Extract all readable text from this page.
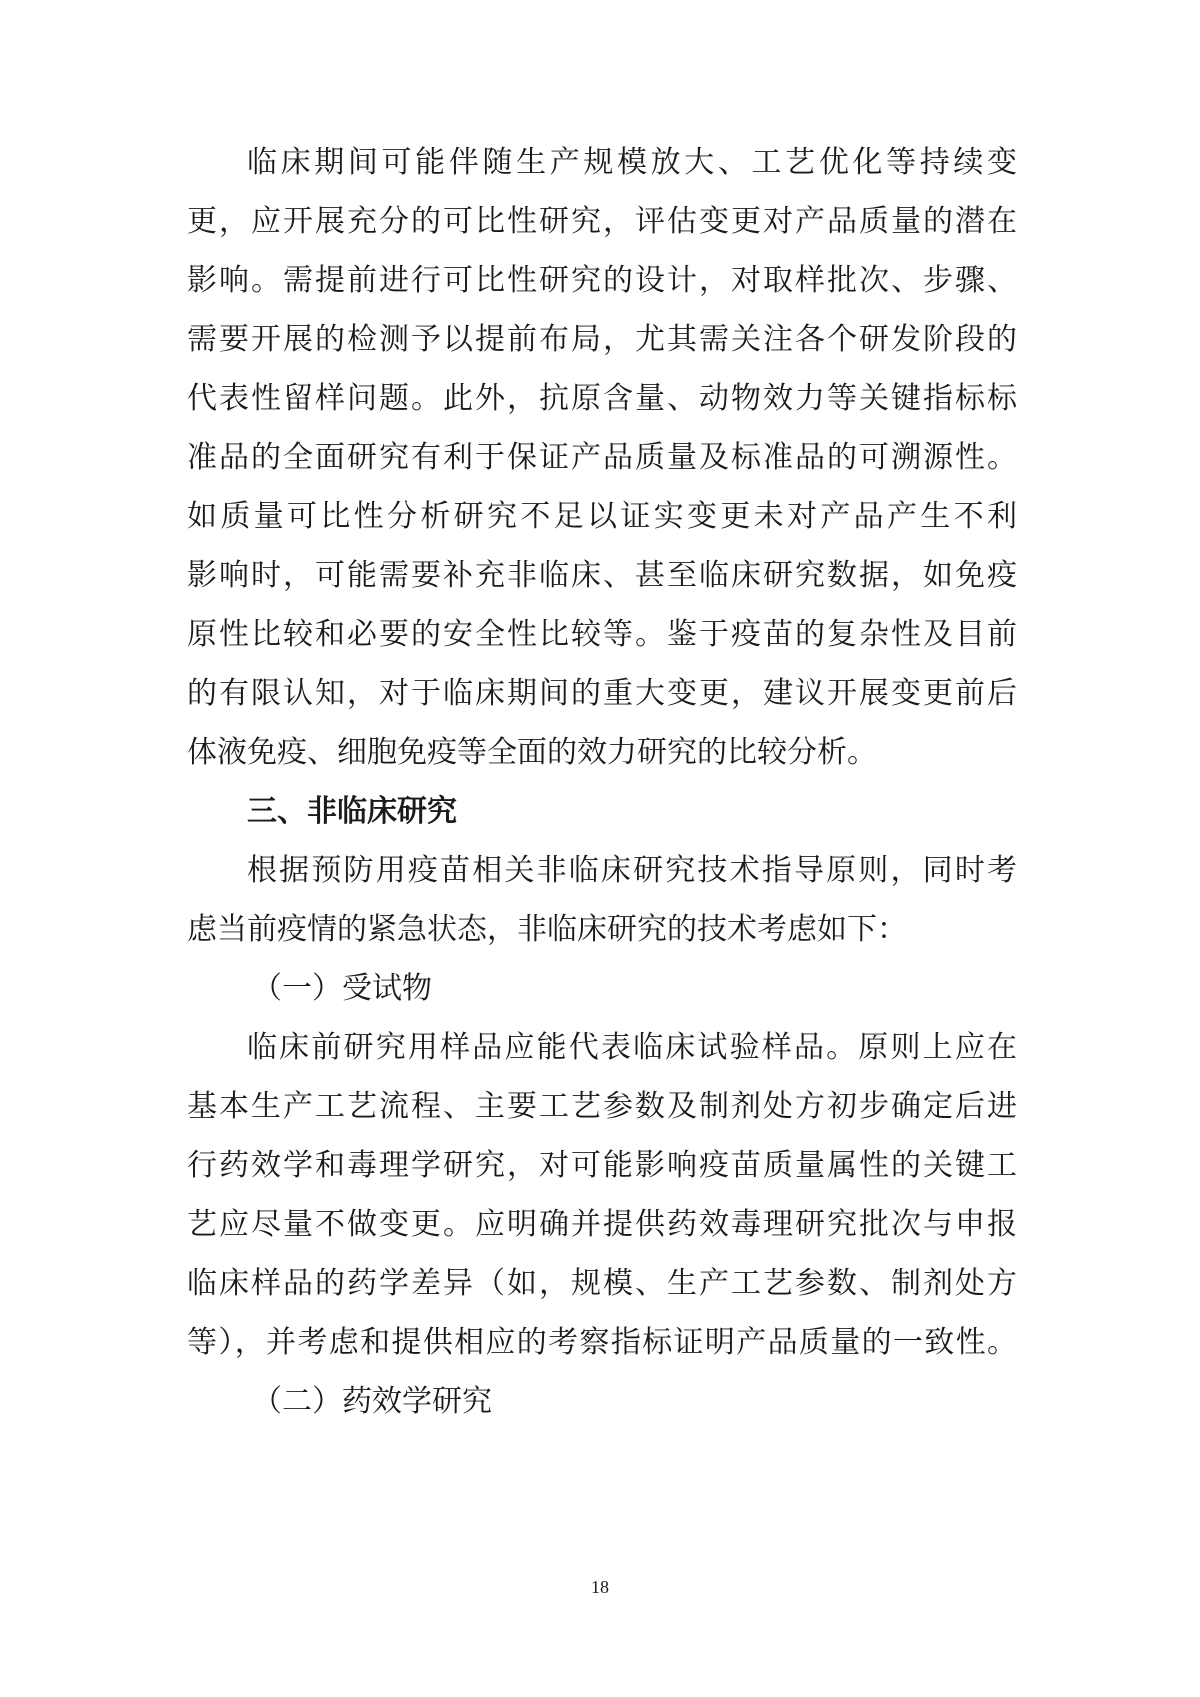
临床期间可能伴随生产规模放大、工艺优化等持续变
更，应开展充分的可比性研究，评估变更对产品质量的潜在
影响。需提前进行可比性研究的设计，对取样批次、步骤、
需要开展的检测予以提前布局，尤其需关注各个研发阶段的
代表性留样问题。此外，抗原含量、动物效力等关键指标标
准品的全面研究有利于保证产品质量及标准品的可溯源性。
如质量可比性分析研究不足以证实变更未对产品产生不利
影响时，可能需要补充非临床、甚至临床研究数据，如免疫
原性比较和必要的安全性比较等。鉴于疫苗的复杂性及目前
的有限认知，对于临床期间的重大变更，建议开展变更前后
体液免疫、细胞免疫等全面的效力研究的比较分析。
三、非临床研究
根据预防用疫苗相关非临床研究技术指导原则，同时考
虑当前疫情的紧急状态，非临床研究的技术考虑如下：
（一）受试物
临床前研究用样品应能代表临床试验样品。原则上应在
基本生产工艺流程、主要工艺参数及制剂处方初步确定后进
行药效学和毒理学研究，对可能影响疫苗质量属性的关键工
艺应尽量不做变更。应明确并提供药效毒理研究批次与申报
临床样品的药学差异（如，规模、生产工艺参数、制剂处方
等），并考虑和提供相应的考察指标证明产品质量的一致性。
（二）药效学研究
18
